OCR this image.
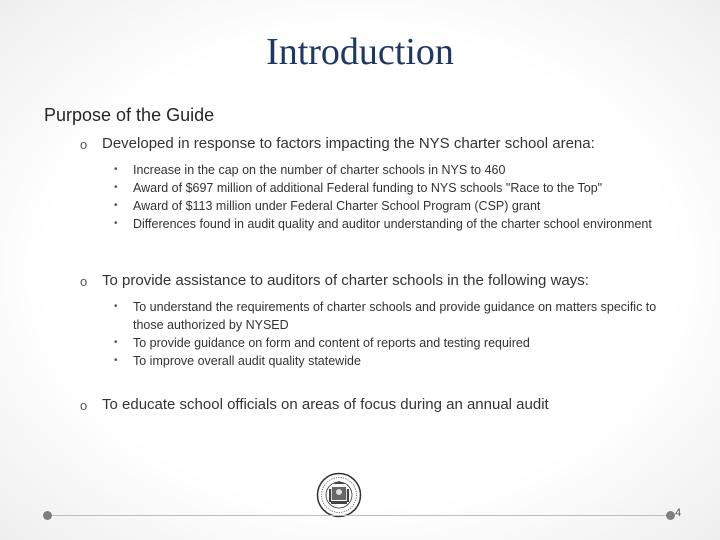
Introduction
Purpose of the Guide
o Developed in response to factors impacting the NYS charter school arena:
• Increase in the cap on the number of charter schools in NYS to 460
• Award of $697 million of additional Federal funding to NYS schools "Race to the Top"
• Award of $113 million under Federal Charter School Program (CSP) grant
• Differences found in audit quality and auditor understanding of the charter school environment
o To provide assistance to auditors of charter schools in the following ways:
• To understand the requirements of charter schools and provide guidance on matters specific to those authorized by NYSED
• To provide guidance on form and content of reports and testing required
• To improve overall audit quality statewide
o To educate school officials on areas of focus during an annual audit
4
